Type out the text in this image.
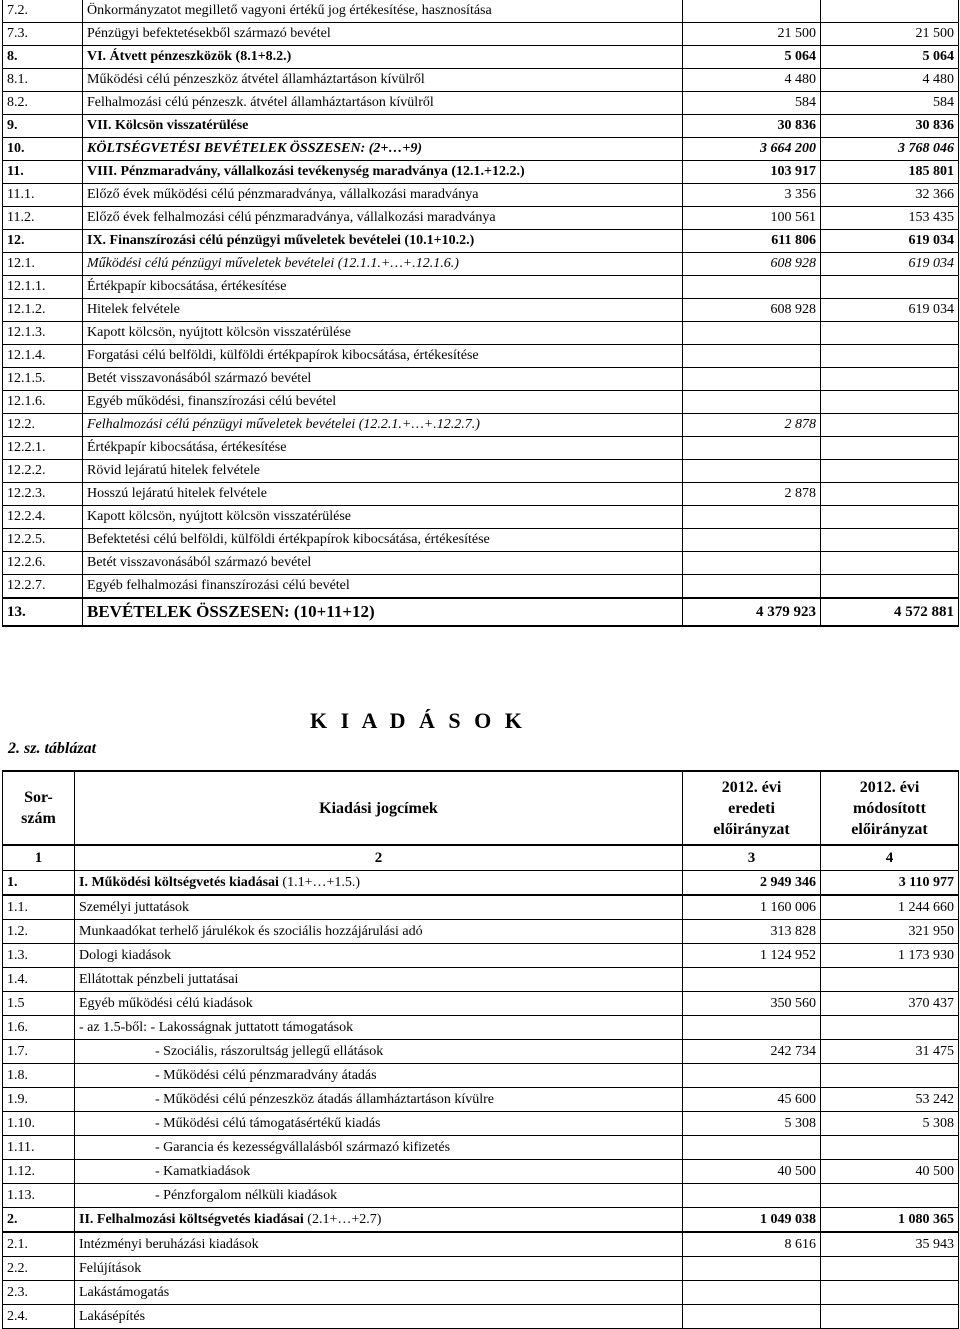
7.2.	Önkormányzatot megillető vagyoni értékű jog értékesítése, hasznosítása		
7.3.	Pénzügyi befektetésekből származó bevétel	21 500	21 500
8.	VI. Átvett pénzeszközök (8.1+8.2.)	5 064	5 064
8.1.	Működési célú pénzeszköz átvétel államháztartáson kívülről	4 480	4 480
8.2.	Felhalmozási célú pénzeszk. átvétel államháztartáson kívülről	584	584
9.	VII. Kölcsön visszatérülése	30 836	30 836
10.	KÖLTSÉGVETÉSI BEVÉTELEK ÖSSZESEN: (2+…+9)	3 664 200	3 768 046
11.	VIII. Pénzmaradvány, vállalkozási tevékenység maradványa (12.1.+12.2.)	103 917	185 801
11.1.	Előző évek működési célú pénzmaradványa, vállalkozási maradványa	3 356	32 366
11.2.	Előző évek felhalmozási célú pénzmaradványa, vállalkozási maradványa	100 561	153 435
12.	IX. Finanszírozási célú pénzügyi műveletek bevételei (10.1+10.2.)	611 806	619 034
12.1.	Működési célú pénzügyi műveletek bevételei (12.1.1.+…+.12.1.6.)	608 928	619 034
12.1.1.	Értékpapír kibocsátása, értékesítése		
12.1.2.	Hitelek felvétele	608 928	619 034
12.1.3.	Kapott kölcsön, nyújtott kölcsön visszatérülése		
12.1.4.	Forgatási célú belföldi, külföldi értékpapírok kibocsátása, értékesítése		
12.1.5.	Betét visszavonásából származó bevétel		
12.1.6.	Egyéb működési, finanszírozási célú bevétel		
12.2.	Felhalmozási célú pénzügyi műveletek bevételei (12.2.1.+…+.12.2.7.)	2 878	
12.2.1.	Értékpapír kibocsátása, értékesítése		
12.2.2.	Rövid lejáratú hitelek felvétele		
12.2.3.	Hosszú lejáratú hitelek felvétele	2 878	
12.2.4.	Kapott kölcsön, nyújtott kölcsön visszatérülése		
12.2.5.	Befektetési célú belföldi, külföldi értékpapírok kibocsátása, értékesítése		
12.2.6.	Betét visszavonásából származó bevétel		
12.2.7.	Egyéb felhalmozási finanszírozási célú bevétel		
13.	BEVÉTELEK ÖSSZESEN: (10+11+12)	4 379 923	4 572 881
K I A D Á S O K
2. sz. táblázat
Sor-szám	Kiadási jogcímek	2012. évi eredeti előirányzat	2012. évi módosított előirányzat
1	2	3	4
1.	I. Működési költségvetés kiadásai (1.1+…+1.5.)	2 949 346	3 110 977
1.1.	Személyi juttatások	1 160 006	1 244 660
1.2.	Munkaadókat terhelő járulékok és szociális hozzájárulási adó	313 828	321 950
1.3.	Dologi kiadások	1 124 952	1 173 930
1.4.	Ellátottak pénzbeli juttatásai		
1.5	Egyéb működési célú kiadások	350 560	370 437
1.6.	- az 1.5-ből: - Lakosságnak juttatott támogatások		
1.7.	- Szociális, rászorultság jellegű ellátások	242 734	31 475
1.8.	- Működési célú pénzmaradvány átadás		
1.9.	- Működési célú pénzeszköz átadás államháztartáson kívülre	45 600	53 242
1.10.	- Működési célú támogatásértékű kiadás	5 308	5 308
1.11.	- Garancia és kezességvállalásból származó kifizetés		
1.12.	- Kamatkiadások	40 500	40 500
1.13.	- Pénzforgalom nélküli kiadások		
2.	II. Felhalmozási költségvetés kiadásai (2.1+…+2.7)	1 049 038	1 080 365
2.1.	Intézményi beruházási kiadások	8 616	35 943
2.2.	Felújítások		
2.3.	Lakástámogatás		
2.4.	Lakásépítés		
